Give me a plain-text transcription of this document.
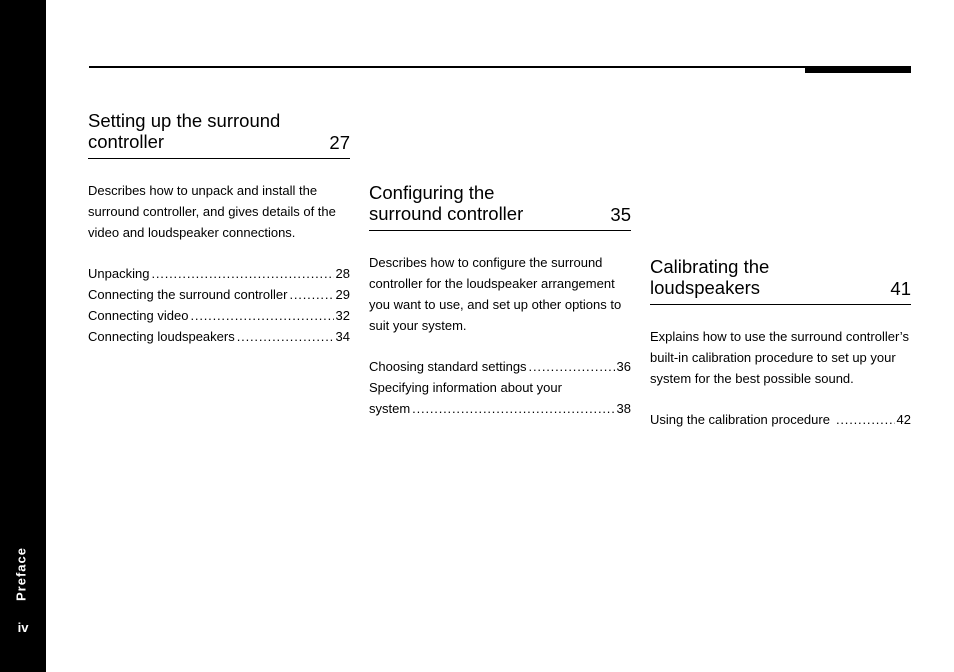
Preface
iv
Setting up the surround controller	27
Describes how to unpack and install the surround controller, and gives details of the video and loudspeaker connections.
Unpacking . . .	28
Connecting the surround controller . . .	29
Connecting video . . .	32
Connecting loudspeakers . . .	34
Configuring the surround controller	35
Describes how to configure the surround controller for the loudspeaker arrangement you want to use, and set up other options to suit your system.
Choosing standard settings . . .	36
Specifying information about your
system . . .	38
Calibrating the loudspeakers	41
Explains how to use the surround controller’s built-in calibration procedure to set up your system for the best possible sound.
Using the calibration procedure . . .	42
